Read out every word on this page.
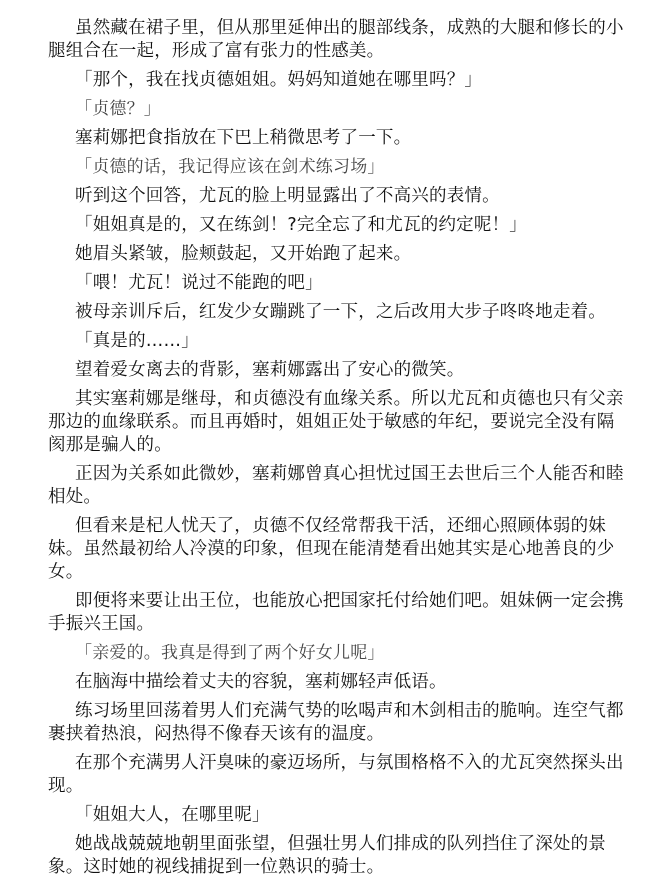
虽然藏在裙子里，但从那里延伸出的腿部线条，成熟的大腿和修长的小腿组合在一起，形成了富有张力的性感美。

「那个，我在找贞德姐姐。妈妈知道她在哪里吗？」

「贞德？」

塞莉娜把食指放在下巴上稍微思考了一下。

「贞德的话，我记得应该在剑术练习场」

听到这个回答，尤瓦的脸上明显露出了不高兴的表情。

「姐姐真是的，又在练剑！?完全忘了和尤瓦的约定呢！」

她眉头紧皱，脸颊鼓起，又开始跑了起来。

「喂！尤瓦！说过不能跑的吧」

被母亲训斥后，红发少女蹦跳了一下，之后改用大步子咚咚地走着。

「真是的……」

望着爱女离去的背影，塞莉娜露出了安心的微笑。

其实塞莉娜是继母，和贞德没有血缘关系。所以尤瓦和贞德也只有父亲那边的血缘联系。而且再婚时，姐姐正处于敏感的年纪，要说完全没有隔阂那是骗人的。

正因为关系如此微妙，塞莉娜曾真心担忧过国王去世后三个人能否和睦相处。

但看来是杞人忧天了，贞德不仅经常帮我干活，还细心照顾体弱的妹妹。虽然最初给人冷漠的印象，但现在能清楚看出她其实是心地善良的少女。

即便将来要让出王位，也能放心把国家托付给她们吧。姐妹俩一定会携手振兴王国。

「亲爱的。我真是得到了两个好女儿呢」

在脑海中描绘着丈夫的容貌，塞莉娜轻声低语。

练习场里回荡着男人们充满气势的吆喝声和木剑相击的脆响。连空气都裹挟着热浪，闷热得不像春天该有的温度。

在那个充满男人汗臭味的豪迈场所，与氛围格格不入的尤瓦突然探头出现。

「姐姐大人，在哪里呢」

她战战兢兢地朝里面张望，但强壮男人们排成的队列挡住了深处的景象。这时她的视线捕捉到一位熟识的骑士。
